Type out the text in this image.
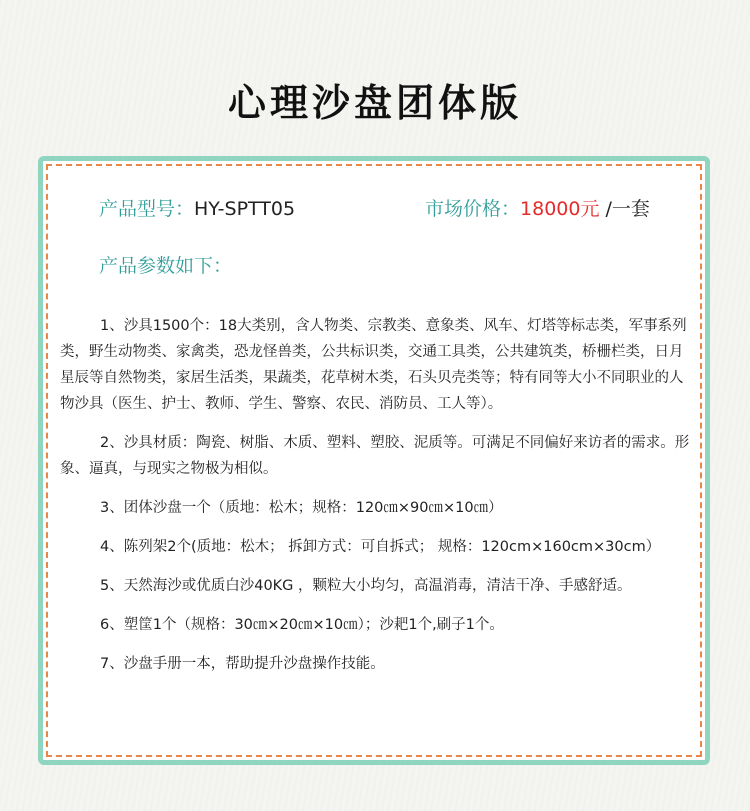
心理沙盘团体版
产品型号：HY-SPTT05	市场价格：18000元 /一套
产品参数如下：

1、沙具1500个：18大类别，含人物类、宗教类、意象类、风车、灯塔等标志类，军事系列类，野生动物类、家禽类，恐龙怪兽类，公共标识类，交通工具类，公共建筑类，桥栅栏类，日月星辰等自然物类，家居生活类，果蔬类，花草树木类，石头贝壳类等；特有同等大小不同职业的人物沙具（医生、护士、教师、学生、警察、农民、消防员、工人等）。

2、沙具材质：陶瓷、树脂、木质、塑料、塑胶、泥质等。可满足不同偏好来访者的需求。形象、逼真，与现实之物极为相似。

3、团体沙盘一个（质地：松木；规格：120㎝×90㎝×10㎝）

4、陈列架2个(质地：松木； 拆卸方式：可自拆式； 规格：120cm×160cm×30cm）

5、天然海沙或优质白沙40KG ，颗粒大小均匀，高温消毒，清洁干净、手感舒适。

6、塑筐1个（规格：30㎝×20㎝×10㎝）；沙耙1个,刷子1个。

7、沙盘手册一本，帮助提升沙盘操作技能。
